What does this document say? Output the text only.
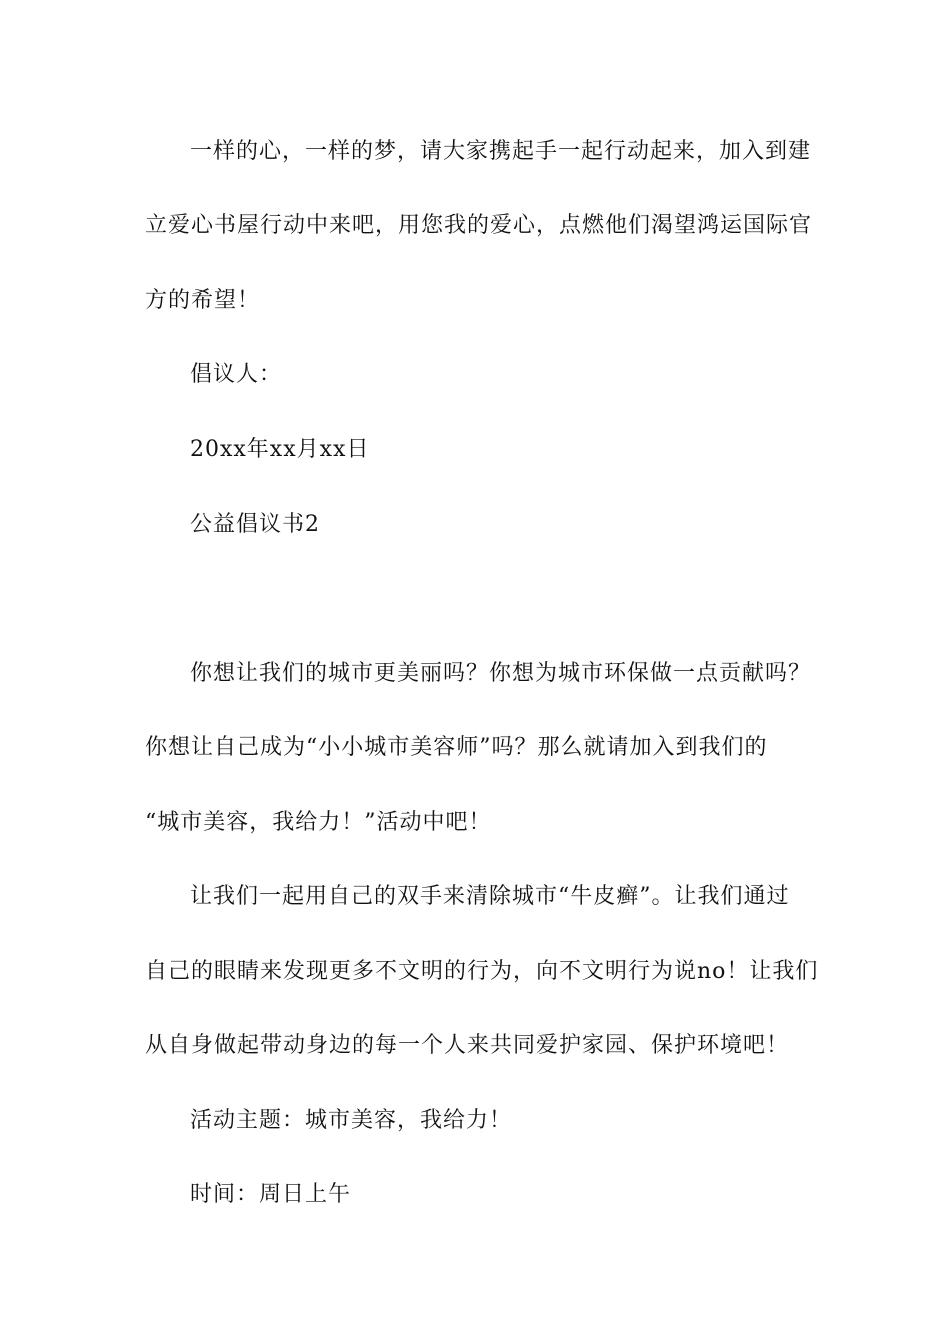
一样的心，一样的梦，请大家携起手一起行动起来，加入到建
立爱心书屋行动中来吧，用您我的爱心，点燃他们渴望鸿运国际官
方的希望！
倡议人：
20xx年xx月xx日
公益倡议书2
你想让我们的城市更美丽吗？你想为城市环保做一点贡献吗？
你想让自己成为“小小城市美容师”吗？那么就请加入到我们的
“城市美容，我给力！”活动中吧！
让我们一起用自己的双手来清除城市“牛皮癣”。让我们通过
自己的眼睛来发现更多不文明的行为，向不文明行为说no！让我们
从自身做起带动身边的每一个人来共同爱护家园、保护环境吧！
活动主题：城市美容，我给力！
时间：周日上午
